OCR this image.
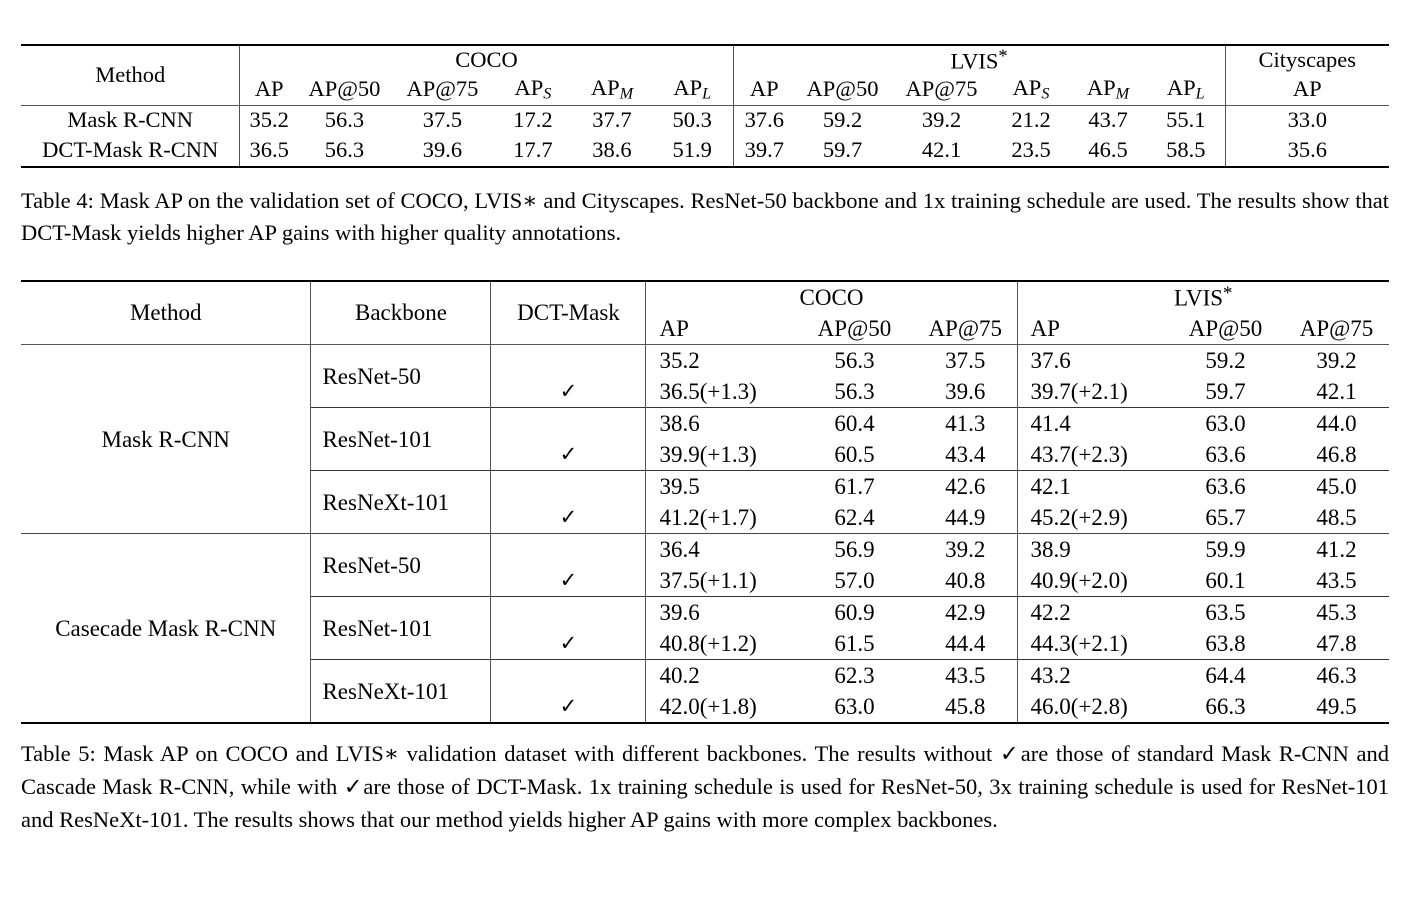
Method	COCO						LVIS*						Cityscapes
	AP	AP@50	AP@75	$AP_S$	$AP_M$	$AP_L$	AP	AP@50	AP@75	$AP_S$	$AP_M$	$AP_L$	AP
Mask R-CNN	35.2	56.3	37.5	17.2	37.7	50.3	37.6	59.2	39.2	21.2	43.7	55.1	33.0
DCT-Mask R-CNN	36.5	56.3	39.6	17.7	38.6	51.9	39.7	59.7	42.1	23.5	46.5	58.5	35.6
Table 4: Mask AP on the validation set of COCO, LVIS∗ and Cityscapes. ResNet-50 backbone and 1x training schedule are used. The results show that DCT-Mask yields higher AP gains with higher quality annotations.
Method	Backbone	DCT-Mask	COCO			LVIS*
			AP	AP@50	AP@75	AP	AP@50	AP@75
Mask R-CNN	ResNet-50		35.2	56.3	37.5	37.6	59.2	39.2
		✓	36.5(+1.3)	56.3	39.6	39.7(+2.1)	59.7	42.1
	ResNet-101		38.6	60.4	41.3	41.4	63.0	44.0
		✓	39.9(+1.3)	60.5	43.4	43.7(+2.3)	63.6	46.8
	ResNeXt-101		39.5	61.7	42.6	42.1	63.6	45.0
		✓	41.2(+1.7)	62.4	44.9	45.2(+2.9)	65.7	48.5
Casecade Mask R-CNN	ResNet-50		36.4	56.9	39.2	38.9	59.9	41.2
		✓	37.5(+1.1)	57.0	40.8	40.9(+2.0)	60.1	43.5
	ResNet-101		39.6	60.9	42.9	42.2	63.5	45.3
		✓	40.8(+1.2)	61.5	44.4	44.3(+2.1)	63.8	47.8
	ResNeXt-101		40.2	62.3	43.5	43.2	64.4	46.3
		✓	42.0(+1.8)	63.0	45.8	46.0(+2.8)	66.3	49.5
Table 5: Mask AP on COCO and LVIS∗ validation dataset with different backbones. The results without ✓are those of standard Mask R-CNN and Cascade Mask R-CNN, while with ✓are those of DCT-Mask. 1x training schedule is used for ResNet-50, 3x training schedule is used for ResNet-101 and ResNeXt-101. The results shows that our method yields higher AP gains with more complex backbones.
